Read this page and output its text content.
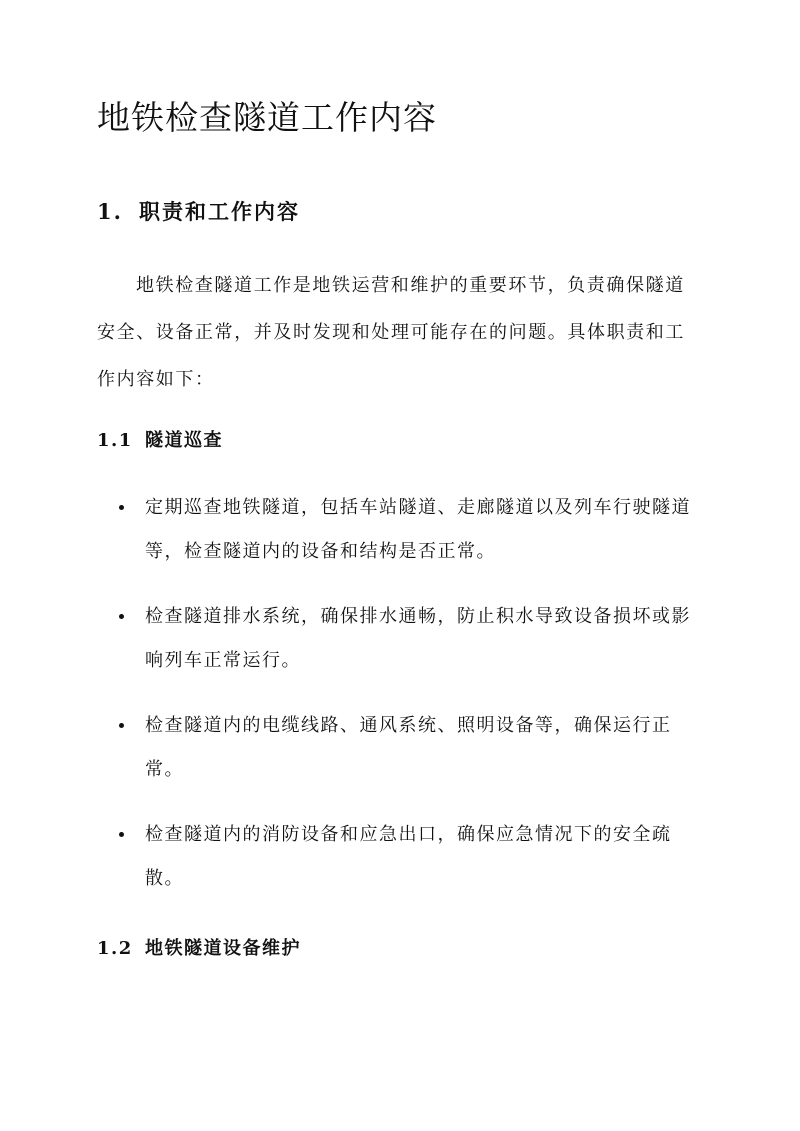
地铁检查隧道工作内容
1. 职责和工作内容

地铁检查隧道工作是地铁运营和维护的重要环节，负责确保隧道安全、设备正常，并及时发现和处理可能存在的问题。具体职责和工作内容如下：

1.1 隧道巡查
定期巡查地铁隧道，包括车站隧道、走廊隧道以及列车行驶隧道等，检查隧道内的设备和结构是否正常。
检查隧道排水系统，确保排水通畅，防止积水导致设备损坏或影响列车正常运行。
检查隧道内的电缆线路、通风系统、照明设备等，确保运行正常。
检查隧道内的消防设备和应急出口，确保应急情况下的安全疏散。
1.2 地铁隧道设备维护
